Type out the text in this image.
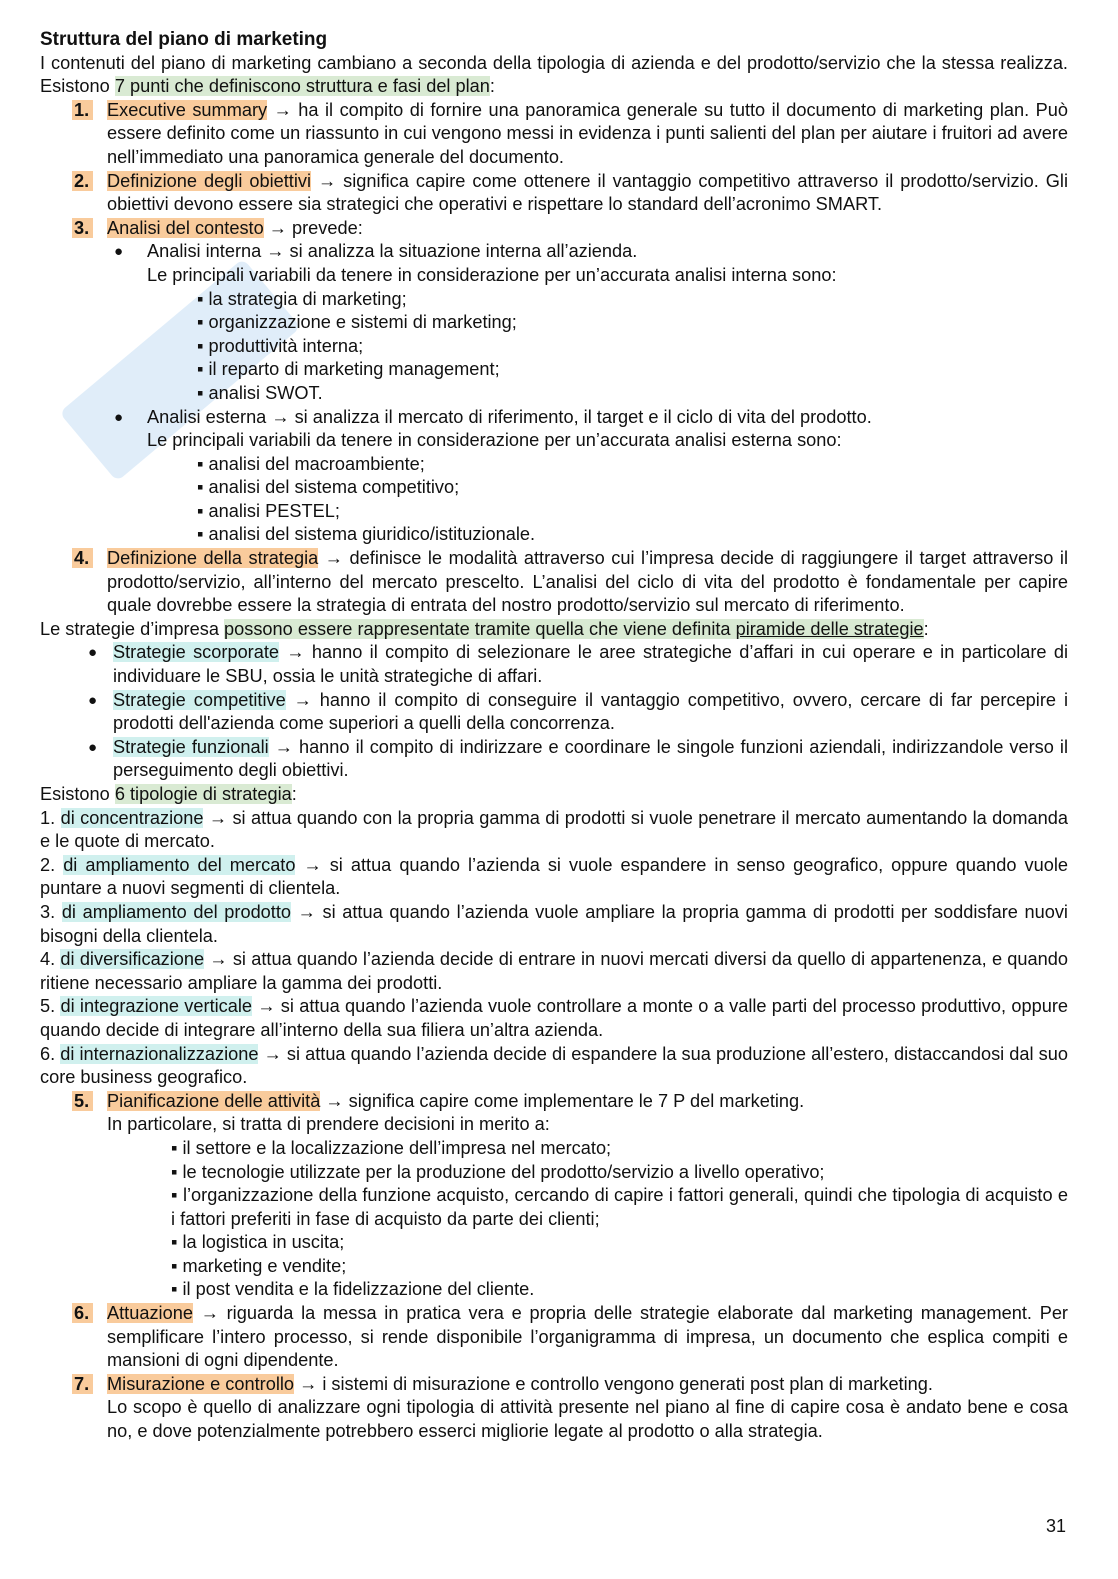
Struttura del piano di marketing

I contenuti del piano di marketing cambiano a seconda della tipologia di azienda e del prodotto/servizio che la stessa realizza. Esistono 7 punti che definiscono struttura e fasi del plan:

1. Executive summary → ha il compito di fornire una panoramica generale su tutto il documento di marketing plan. Può essere definito come un riassunto in cui vengono messi in evidenza i punti salienti del plan per aiutare i fruitori ad avere nell’immediato una panoramica generale del documento.
2. Definizione degli obiettivi → significa capire come ottenere il vantaggio competitivo attraverso il prodotto/servizio. Gli obiettivi devono essere sia strategici che operativi e rispettare lo standard dell’acronimo SMART.
3. Analisi del contesto → prevede:
●	Analisi interna → si analizza la situazione interna all’azienda.
Le principali variabili da tenere in considerazione per un’accurata analisi interna sono:
▪ la strategia di marketing;
▪ organizzazione e sistemi di marketing;
▪ produttività interna;
▪ il reparto di marketing management;
▪ analisi SWOT.
●	Analisi esterna → si analizza il mercato di riferimento, il target e il ciclo di vita del prodotto.
Le principali variabili da tenere in considerazione per un’accurata analisi esterna sono:
▪ analisi del macroambiente;
▪ analisi del sistema competitivo;
▪ analisi PESTEL;
▪ analisi del sistema giuridico/istituzionale.
4. Definizione della strategia → definisce le modalità attraverso cui l’impresa decide di raggiungere il target attraverso il prodotto/servizio, all’interno del mercato prescelto. L’analisi del ciclo di vita del prodotto è fondamentale per capire quale dovrebbe essere la strategia di entrata del nostro prodotto/servizio sul mercato di riferimento.

Le strategie d’impresa possono essere rappresentate tramite quella che viene definita piramide delle strategie:

● Strategie scorporate → hanno il compito di selezionare le aree strategiche d’affari in cui operare e in particolare di individuare le SBU, ossia le unità strategiche di affari.
● Strategie competitive → hanno il compito di conseguire il vantaggio competitivo, ovvero, cercare di far percepire i prodotti dell'azienda come superiori a quelli della concorrenza.
● Strategie funzionali → hanno il compito di indirizzare e coordinare le singole funzioni aziendali, indirizzandole verso il perseguimento degli obiettivi.

Esistono 6 tipologie di strategia:

1. di concentrazione → si attua quando con la propria gamma di prodotti si vuole penetrare il mercato aumentando la domanda e le quote di mercato.

2. di ampliamento del mercato → si attua quando l’azienda si vuole espandere in senso geografico, oppure quando vuole puntare a nuovi segmenti di clientela.

3. di ampliamento del prodotto → si attua quando l’azienda vuole ampliare la propria gamma di prodotti per soddisfare nuovi bisogni della clientela.

4. di diversificazione → si attua quando l’azienda decide di entrare in nuovi mercati diversi da quello di appartenenza, e quando ritiene necessario ampliare la gamma dei prodotti.

5. di integrazione verticale → si attua quando l’azienda vuole controllare a monte o a valle parti del processo produttivo, oppure quando decide di integrare all’interno della sua filiera un’altra azienda.

6. di internazionalizzazione → si attua quando l’azienda decide di espandere la sua produzione all’estero, distaccandosi dal suo core business geografico.

5. Pianificazione delle attività → significa capire come implementare le 7 P del marketing.
In particolare, si tratta di prendere decisioni in merito a:
▪ il settore e la localizzazione dell’impresa nel mercato;
▪ le tecnologie utilizzate per la produzione del prodotto/servizio a livello operativo;
▪ l’organizzazione della funzione acquisto, cercando di capire i fattori generali, quindi che tipologia di acquisto e i fattori preferiti in fase di acquisto da parte dei clienti;
▪ la logistica in uscita;
▪ marketing e vendite;
▪ il post vendita e la fidelizzazione del cliente.
6. Attuazione → riguarda la messa in pratica vera e propria delle strategie elaborate dal marketing management. Per semplificare l’intero processo, si rende disponibile l’organigramma di impresa, un documento che esplica compiti e mansioni di ogni dipendente.
7. Misurazione e controllo → i sistemi di misurazione e controllo vengono generati post plan di marketing.
Lo scopo è quello di analizzare ogni tipologia di attività presente nel piano al fine di capire cosa è andato bene e cosa no, e dove potenzialmente potrebbero esserci migliorie legate al prodotto o alla strategia.
31
